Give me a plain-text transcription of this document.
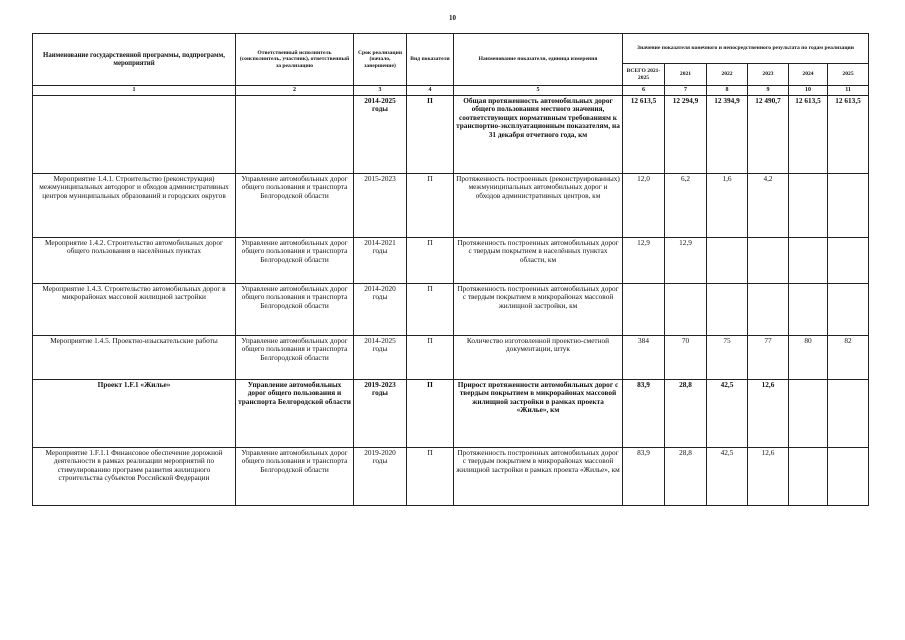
10
Наименование государственной программы, подпрограмм, мероприятий	Ответственный исполнитель (соисполнитель, участник), ответственный за реализацию	Срок реализации (начало, завершение)	Вид показателя	Наименование показателя, единица измерения	Значение показателя конечного и непосредственного результата по годам реализации					
					ВСЕГО 2021-2025	2021	2022	2023	2024	2025
1	2	3	4	5	6	7	8	9	10	11
		2014-2025 годы	П	Общая протяженность автомобильных дорог общего пользования местного значения, соответствующих нормативным требованиям к транспортно-эксплуатационным показателям, на 31 декабря отчетного года, км	12 613,5	12 294,9	12 394,9	12 490,7	12 613,5	12 613,5
Мероприятие 1.4.1. Строительство (реконструкция) межмуниципальных автодорог и обходов административных центров муниципальных образований и городских округов	Управление автомобильных дорог общего пользования и транспорта Белгородской области	2015-2023	П	Протяженность построенных (реконструированных) межмуниципальных автомобильных дорог и обходов административных центров, км	12,0	6,2	1,6	4,2		
Мероприятие 1.4.2. Строительство автомобильных дорог общего пользования в населённых пунктах	Управление автомобильных дорог общего пользования и транспорта Белгородской области	2014-2021 годы	П	Протяженность построенных автомобильных дорог с твердым покрытием в населённых пунктах области, км	12,9	12,9				
Мероприятие 1.4.3. Строительство автомобильных дорог в микрорайонах массовой жилищной застройки	Управление автомобильных дорог общего пользования и транспорта Белгородской области	2014-2020 годы	П	Протяженность построенных автомобильных дорог с твердым покрытием в микрорайонах массовой жилищной застройки, км						
Мероприятие 1.4.5. Проектно-изыскательские работы	Управление автомобильных дорог общего пользования и транспорта Белгородской области	2014-2025 годы	П	Количество изготовленной проектно-сметной документации, штук	384	70	75	77	80	82
Проект 1.F.1 «Жилье»	Управление автомобильных дорог общего пользования и транспорта Белгородской области	2019-2023 годы	П	Прирост протяженности автомобильных дорог с твердым покрытием в микрорайонах массовой жилищной застройки в рамках проекта «Жилье», км	83,9	28,8	42,5	12,6		
Мероприятие 1.F.1.1 Финансовое обеспечение дорожной деятельности в рамках реализации мероприятий по стимулированию программ развития жилищного строительства субъектов Российской Федерации	Управление автомобильных дорог общего пользования и транспорта Белгородской области	2019-2020 годы	П	Протяженность построенных автомобильных дорог с твердым покрытием в микрорайонах массовой жилищной застройки в рамках проекта «Жилье», км	83,9	28,8	42,5	12,6		
